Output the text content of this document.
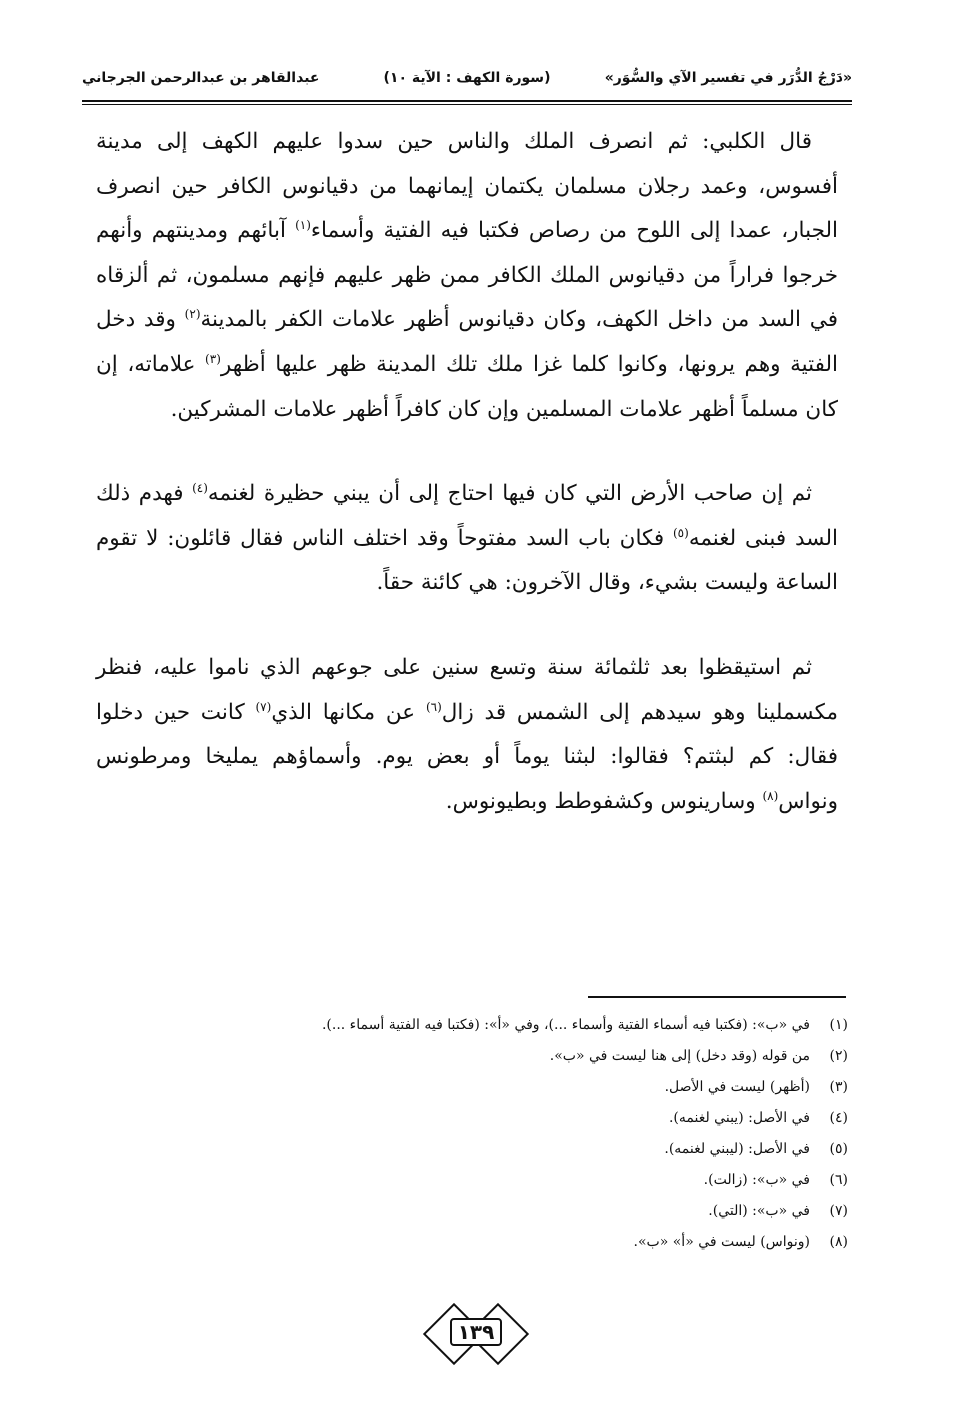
«دَرْجُ الدُّرَر في تفسير الآي والسُّوَر»
(سورة الكهف : الآية ١٠)
عبدالقاهر بن عبدالرحمن الجرجاني

قال الكلبي: ثم انصرف الملك والناس حين سدوا عليهم الكهف إلى مدينة أفسوس، وعمد رجلان مسلمان يكتمان إيمانهما من دقيانوس الكافر حين انصرف الجبار، عمدا إلى اللوح من رصاص فكتبا فيه الفتية وأسماء$^{(١)}$ آبائهم ومدينتهم وأنهم خرجوا فراراً من دقيانوس الملك الكافر ممن ظهر عليهم فإنهم مسلمون، ثم ألزقاه في السد من داخل الكهف، وكان دقيانوس أظهر علامات الكفر بالمدينة$^{(٢)}$ وقد دخل الفتية وهم يرونها، وكانوا كلما غزا ملك تلك المدينة ظهر عليها أظهر$^{(٣)}$ علاماته، إن كان مسلماً أظهر علامات المسلمين وإن كان كافراً أظهر علامات المشركين.

ثم إن صاحب الأرض التي كان فيها احتاج إلى أن يبني حظيرة لغنمه$^{(٤)}$ فهدم ذلك السد فبنى لغنمه$^{(٥)}$ فكان باب السد مفتوحاً وقد اختلف الناس فقال قائلون: لا تقوم الساعة وليست بشيء، وقال الآخرون: هي كائنة حقاً.

ثم استيقظوا بعد ثلثمائة سنة وتسع سنين على جوعهم الذي ناموا عليه، فنظر مكسملينا وهو سيدهم إلى الشمس قد زال$^{(٦)}$ عن مكانها الذي$^{(٧)}$ كانت حين دخلوا فقال: كم لبثتم؟ فقالوا: لبثنا يوماً أو بعض يوم. وأسماؤهم يمليخا ومرطونس ونواس$^{(٨)}$ وسارينوس وكشفوطط وبطيونوس.

(١)في «ب»: (فكتبا فيه أسماء الفتية وأسماء ...)، وفي «أ»: (فكتبا فيه الفتية أسماء ...).
(٢)من قوله (وقد دخل) إلى هنا ليست في «ب».
(٣)(أظهر) ليست في الأصل.
(٤)في الأصل: (يبني لغنمه).
(٥)في الأصل: (ليبني لغنمه).
(٦)في «ب»: (زالت).
(٧)في «ب»: (التي).
(٨)(ونواس) ليست في «أ» «ب».
١٣٩
